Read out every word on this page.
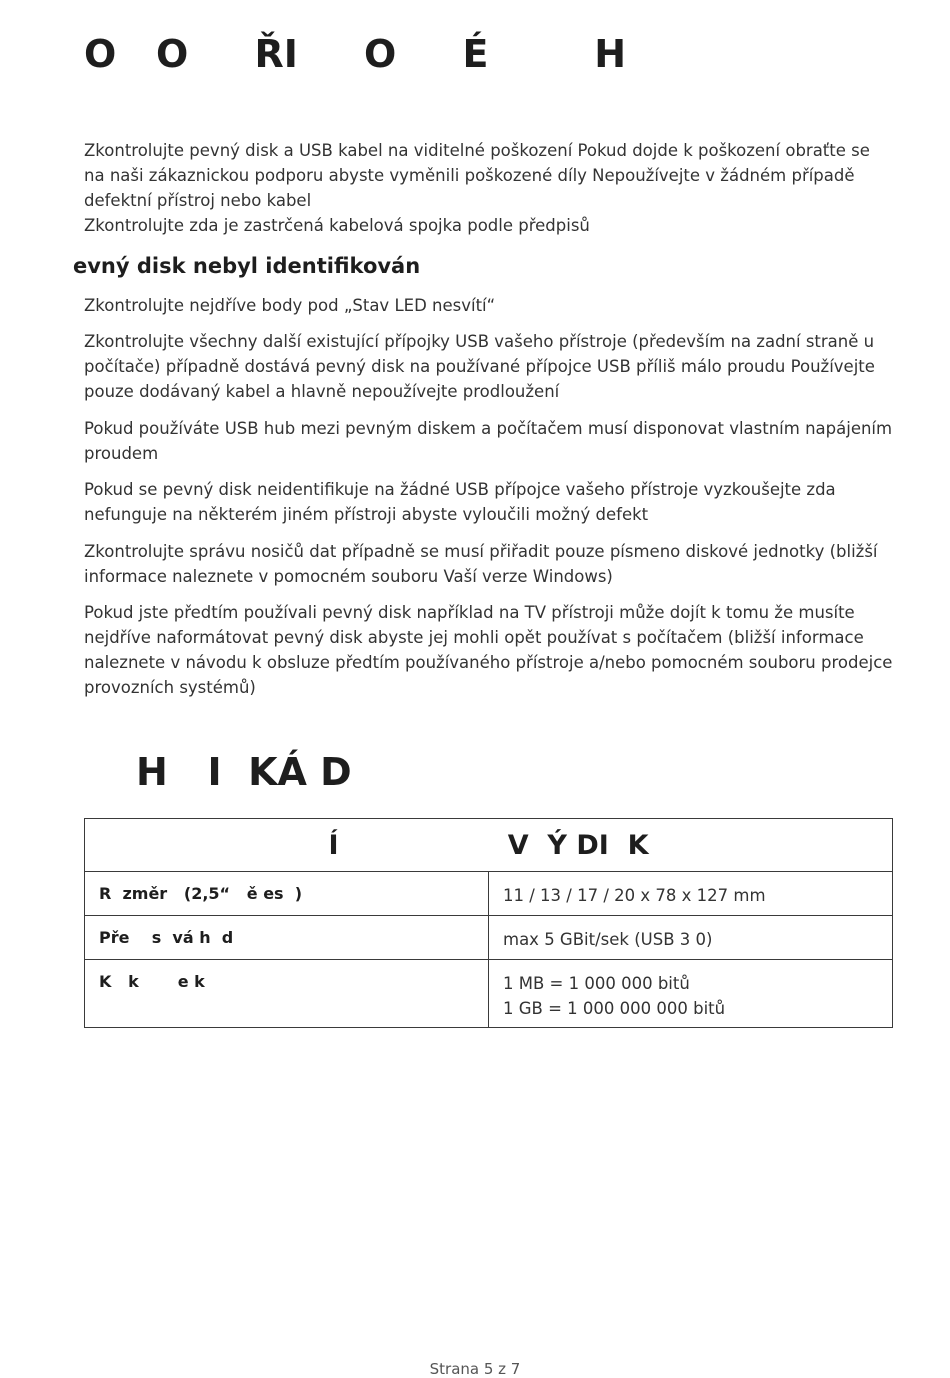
O   O     ŘI     O     É        H

Zkontrolujte pevný disk a USB kabel na viditelné poškození Pokud dojde k poškození obraťte se na naši zákaznickou podporu abyste vyměnili poškozené díly Nepoužívejte v žádném případě defektní přístroj nebo kabel

Zkontrolujte zda je zastrčená kabelová spojka podle předpisů

evný disk nebyl identifikován

Zkontrolujte nejdříve body pod „Stav LED nesvítí“

Zkontrolujte všechny další existující přípojky USB vašeho přístroje (především na zadní straně u počítače) případně dostává pevný disk na používané přípojce USB příliš málo proudu Používejte pouze dodávaný kabel a hlavně nepoužívejte prodloužení

Pokud používáte USB hub mezi pevným diskem a počítačem musí disponovat vlastním napájením proudem

Pokud se pevný disk neidentifikuje na žádné USB přípojce vašeho přístroje vyzkoušejte zda nefunguje na některém jiném přístroji abyste vyloučili možný defekt

Zkontrolujte správu nosičů dat případně se musí přiřadit pouze písmeno diskové jednotky (bližší informace naleznete v pomocném souboru Vaší verze Windows)

Pokud jste předtím používali pevný disk například na TV přístroji může dojít k tomu že musíte nejdříve naformátovat pevný disk abyste jej mohli opět používat s počítačem (bližší informace naleznete v návodu k obsluze předtím používaného přístroje a/nebo pomocném souboru prodejce provozních systémů)

H   I  KÁ D
Í                  V  Ý DI  K	
R  změr   (2,5“   ě es  )	11 / 13 / 17 / 20 x 78 x 127 mm
Pře    s  vá h  d	max 5 GBit/sek (USB 3 0)
K   k       e k	1 MB = 1 000 000 bitů
1 GB = 1 000 000 000 bitů
Strana 5 z 7
